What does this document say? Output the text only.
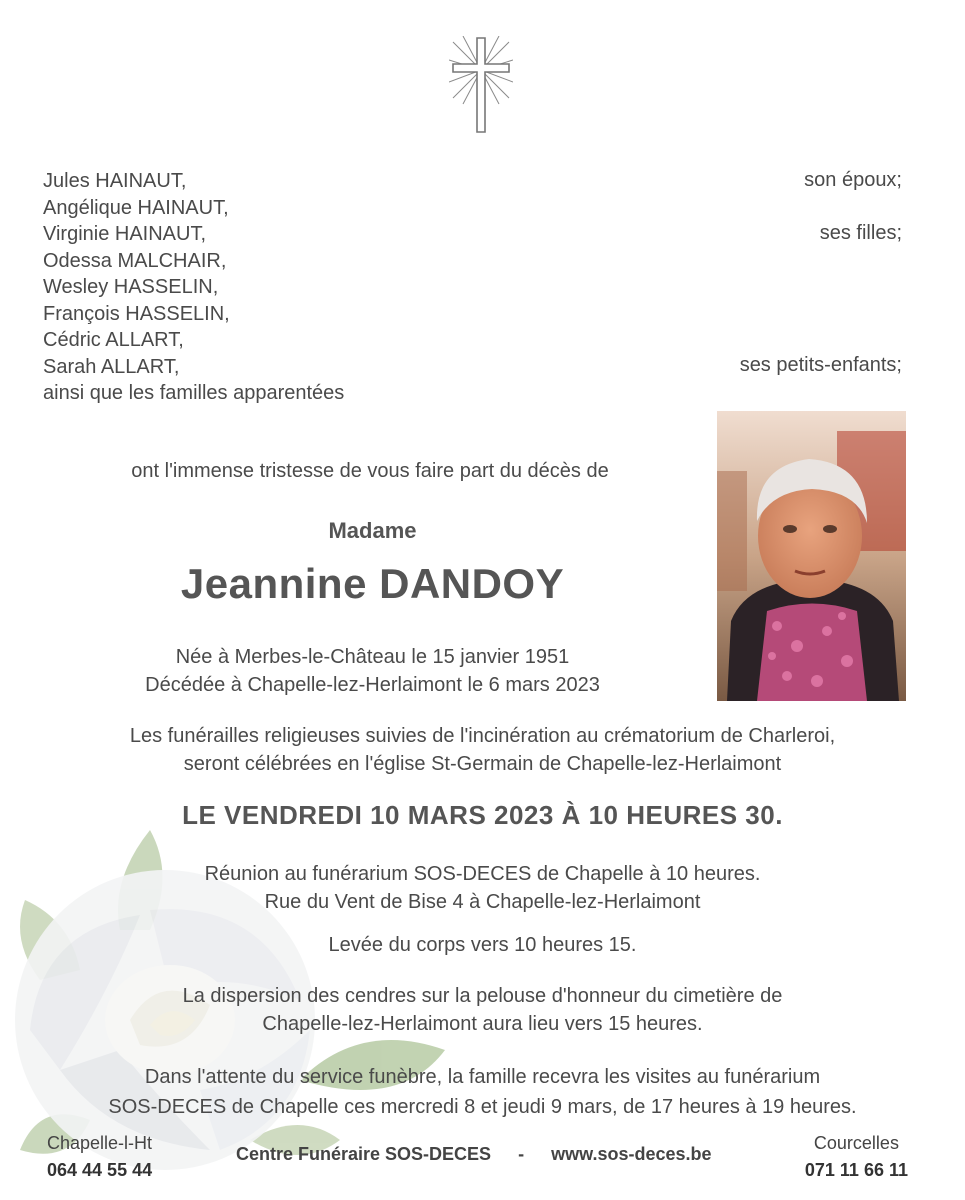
Jules HAINAUT,
Angélique HAINAUT,
Virginie HAINAUT,
Odessa MALCHAIR,
Wesley HASSELIN,
François HASSELIN,
Cédric ALLART,
Sarah ALLART,
ainsi que les familles apparentées
son époux;
ses filles;
ses petits-enfants;
ont l'immense tristesse de vous faire part du décès de
Madame
Jeannine DANDOY
Née à Merbes-le-Château le 15 janvier 1951
Décédée à Chapelle-lez-Herlaimont le 6 mars 2023
Les funérailles religieuses suivies de l'incinération au crématorium de Charleroi,
seront célébrées en l'église St-Germain de Chapelle-lez-Herlaimont
LE VENDREDI 10 MARS 2023 À 10 HEURES 30.
Réunion au funérarium SOS-DECES de Chapelle à 10 heures.
Rue du Vent de Bise 4 à Chapelle-lez-Herlaimont
Levée du corps vers 10 heures 15.
La dispersion des cendres sur la pelouse d'honneur du cimetière de
Chapelle-lez-Herlaimont aura lieu vers 15 heures.
Dans l'attente du service funèbre, la famille recevra les visites au funérarium
SOS-DECES de Chapelle ces mercredi 8 et jeudi 9 mars, de 17 heures à 19 heures.
Chapelle-l-Ht
064 44 55 44
Centre Funéraire SOS-DECES - www.sos-deces.be
Courcelles
071 11 66 11
